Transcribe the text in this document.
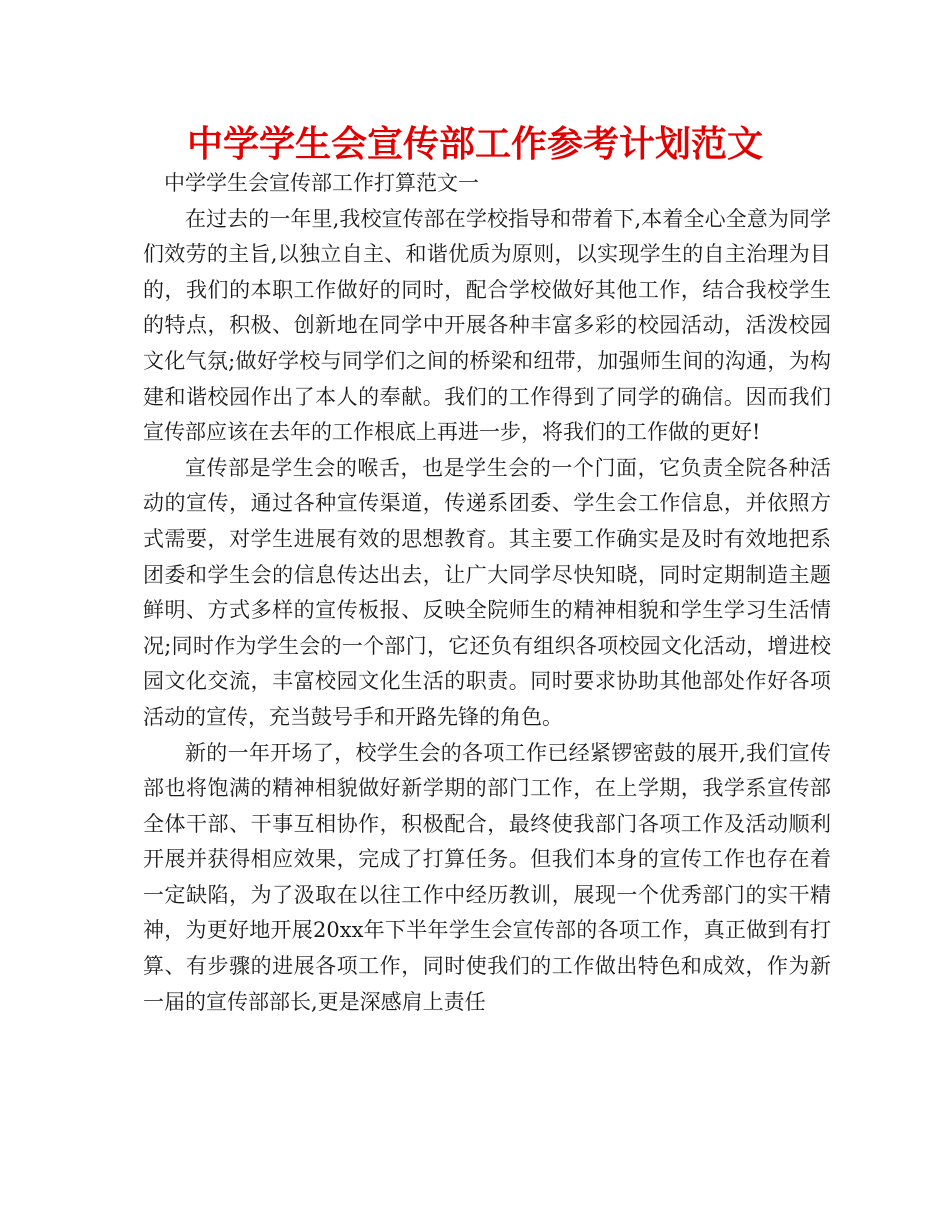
中学学生会宣传部工作参考计划范文

中学学生会宣传部工作打算范文一

在过去的一年里,我校宣传部在学校指导和带着下,本着全心全意为同学们效劳的主旨,以独立自主、和谐优质为原则，以实现学生的自主治理为目的，我们的本职工作做好的同时，配合学校做好其他工作，结合我校学生的特点，积极、创新地在同学中开展各种丰富多彩的校园活动，活泼校园文化气氛;做好学校与同学们之间的桥梁和纽带，加强师生间的沟通，为构建和谐校园作出了本人的奉献。我们的工作得到了同学的确信。因而我们宣传部应该在去年的工作根底上再进一步，将我们的工作做的更好!

宣传部是学生会的喉舌，也是学生会的一个门面，它负责全院各种活动的宣传，通过各种宣传渠道，传递系团委、学生会工作信息，并依照方式需要，对学生进展有效的思想教育。其主要工作确实是及时有效地把系团委和学生会的信息传达出去，让广大同学尽快知晓，同时定期制造主题鲜明、方式多样的宣传板报、反映全院师生的精神相貌和学生学习生活情况;同时作为学生会的一个部门，它还负有组织各项校园文化活动，增进校园文化交流，丰富校园文化生活的职责。同时要求协助其他部处作好各项活动的宣传，充当鼓号手和开路先锋的角色。

新的一年开场了，校学生会的各项工作已经紧锣密鼓的展开,我们宣传部也将饱满的精神相貌做好新学期的部门工作，在上学期，我学系宣传部全体干部、干事互相协作，积极配合，最终使我部门各项工作及活动顺利开展并获得相应效果，完成了打算任务。但我们本身的宣传工作也存在着一定缺陷，为了汲取在以往工作中经历教训，展现一个优秀部门的实干精神，为更好地开展20xx年下半年学生会宣传部的各项工作，真正做到有打算、有步骤的进展各项工作，同时使我们的工作做出特色和成效，作为新一届的宣传部部长,更是深感肩上责任
